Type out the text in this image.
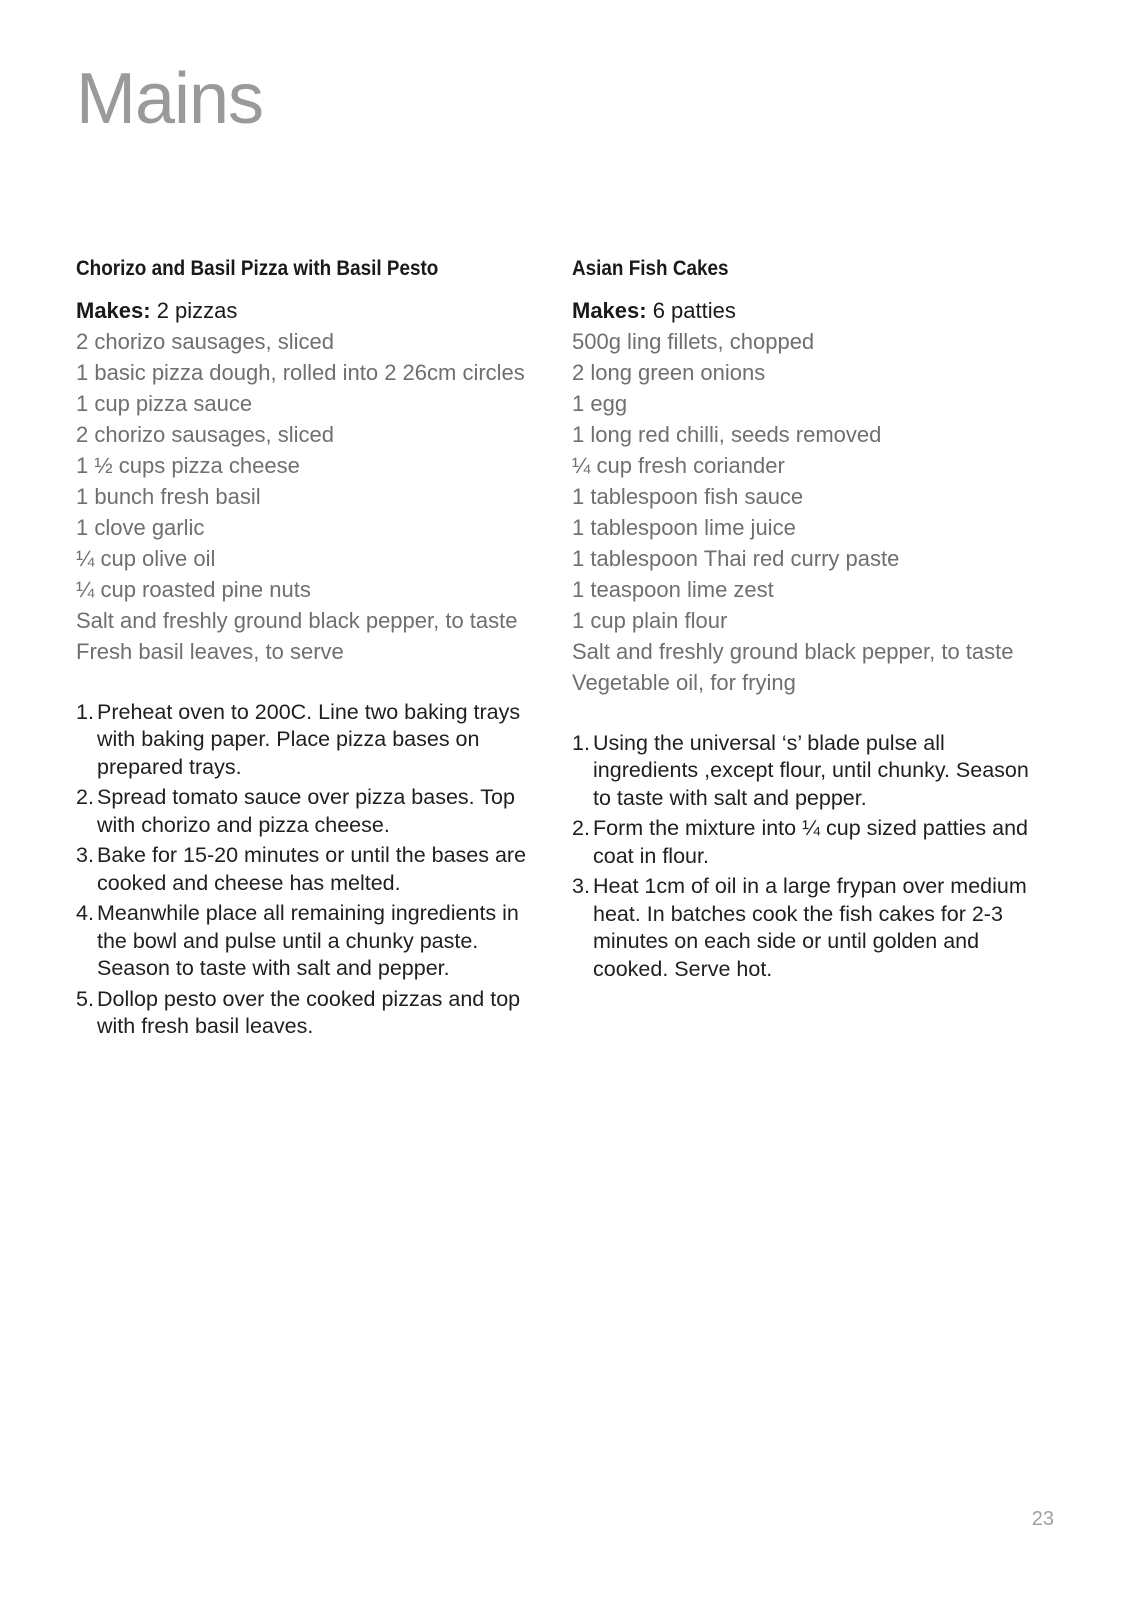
Mains
Chorizo and Basil Pizza with Basil Pesto
Makes: 2 pizzas
2 chorizo sausages, sliced
1 basic pizza dough, rolled into 2 26cm circles
1 cup pizza sauce
2 chorizo sausages, sliced
1 ½ cups pizza cheese
1 bunch fresh basil
1 clove garlic
¼ cup olive oil
¼ cup roasted pine nuts
Salt and freshly ground black pepper, to taste
Fresh basil leaves, to serve
1. Preheat oven to 200C. Line two baking trays with baking paper. Place pizza bases on prepared trays.
2. Spread tomato sauce over pizza bases. Top with chorizo and pizza cheese.
3. Bake for 15-20 minutes or until the bases are cooked and cheese has melted.
4. Meanwhile place all remaining ingredients in the bowl and pulse until a chunky paste. Season to taste with salt and pepper.
5. Dollop pesto over the cooked pizzas and top with fresh basil leaves.
Asian Fish Cakes
Makes: 6 patties
500g ling fillets, chopped
2 long green onions
1 egg
1 long red chilli, seeds removed
¼ cup fresh coriander
1 tablespoon fish sauce
1 tablespoon lime juice
1 tablespoon Thai red curry paste
1 teaspoon lime zest
1 cup plain flour
Salt and freshly ground black pepper, to taste
Vegetable oil, for frying
1. Using the universal ‘s’ blade pulse all ingredients ,except flour, until chunky. Season to taste with salt and pepper.
2. Form the mixture into ¼ cup sized patties and coat in flour.
3. Heat 1cm of oil in a large frypan over medium heat. In batches cook the fish cakes for 2-3 minutes on each side or until golden and cooked. Serve hot.
23
